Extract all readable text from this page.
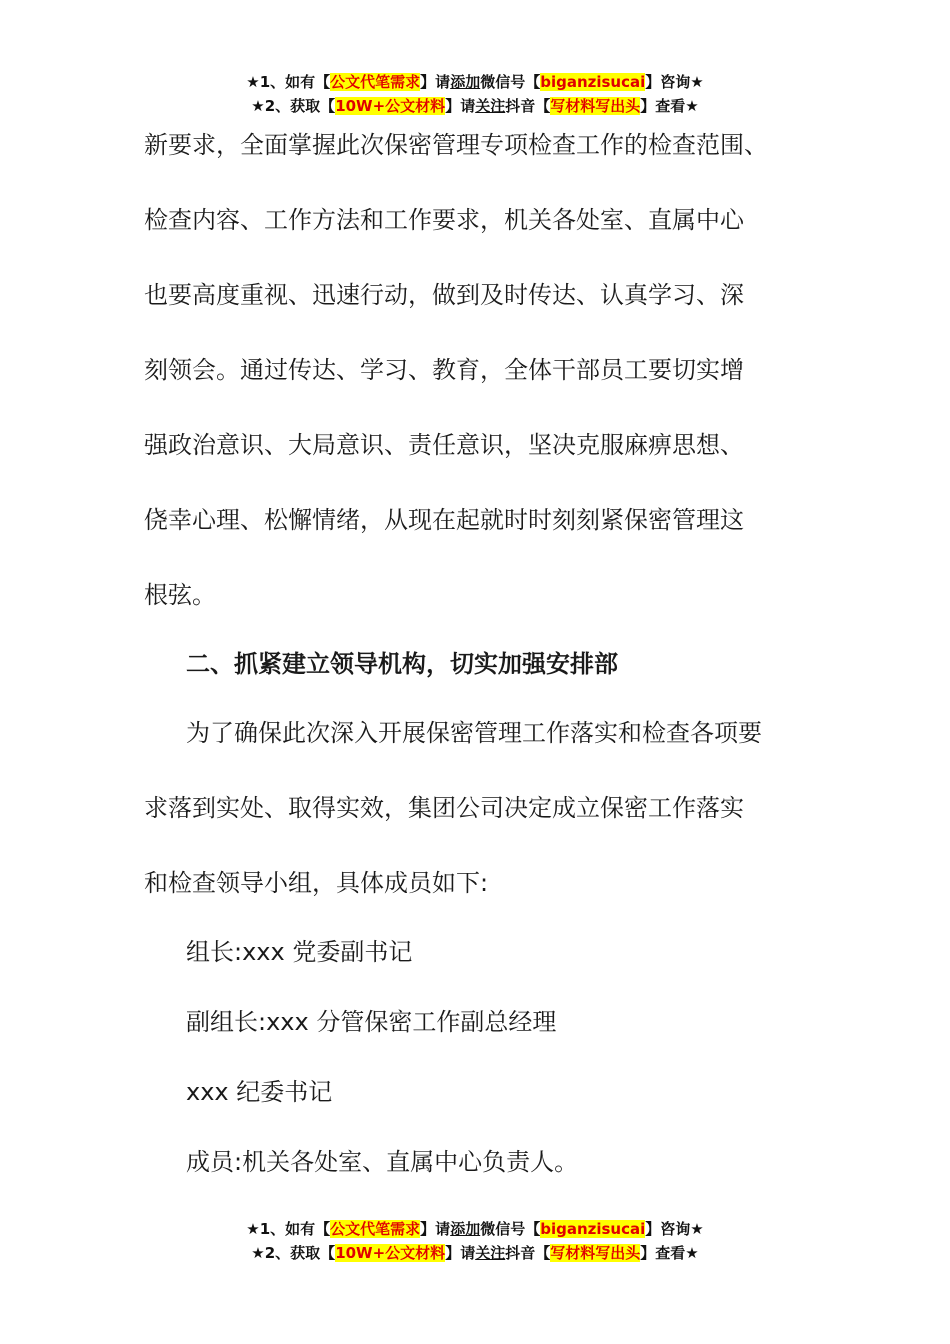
★1、如有【公文代笔需求】请添加微信号【biganzisucai】咨询★
★2、获取【10W+公文材料】请关注抖音【写材料写出头】查看★
新要求，全面掌握此次保密管理专项检查工作的检查范围、
检查内容、工作方法和工作要求，机关各处室、直属中心
也要高度重视、迅速行动，做到及时传达、认真学习、深
刻领会。通过传达、学习、教育，全体干部员工要切实增
强政治意识、大局意识、责任意识，坚决克服麻痹思想、
侥幸心理、松懈情绪，从现在起就时时刻刻紧保密管理这
根弦。
二、抓紧建立领导机构，切实加强安排部
为了确保此次深入开展保密管理工作落实和检查各项要
求落到实处、取得实效，集团公司决定成立保密工作落实
和检查领导小组，具体成员如下:
组长:xxx 党委副书记
副组长:xxx 分管保密工作副总经理
xxx 纪委书记
成员:机关各处室、直属中心负责人。
★1、如有【公文代笔需求】请添加微信号【biganzisucai】咨询★
★2、获取【10W+公文材料】请关注抖音【写材料写出头】查看★
